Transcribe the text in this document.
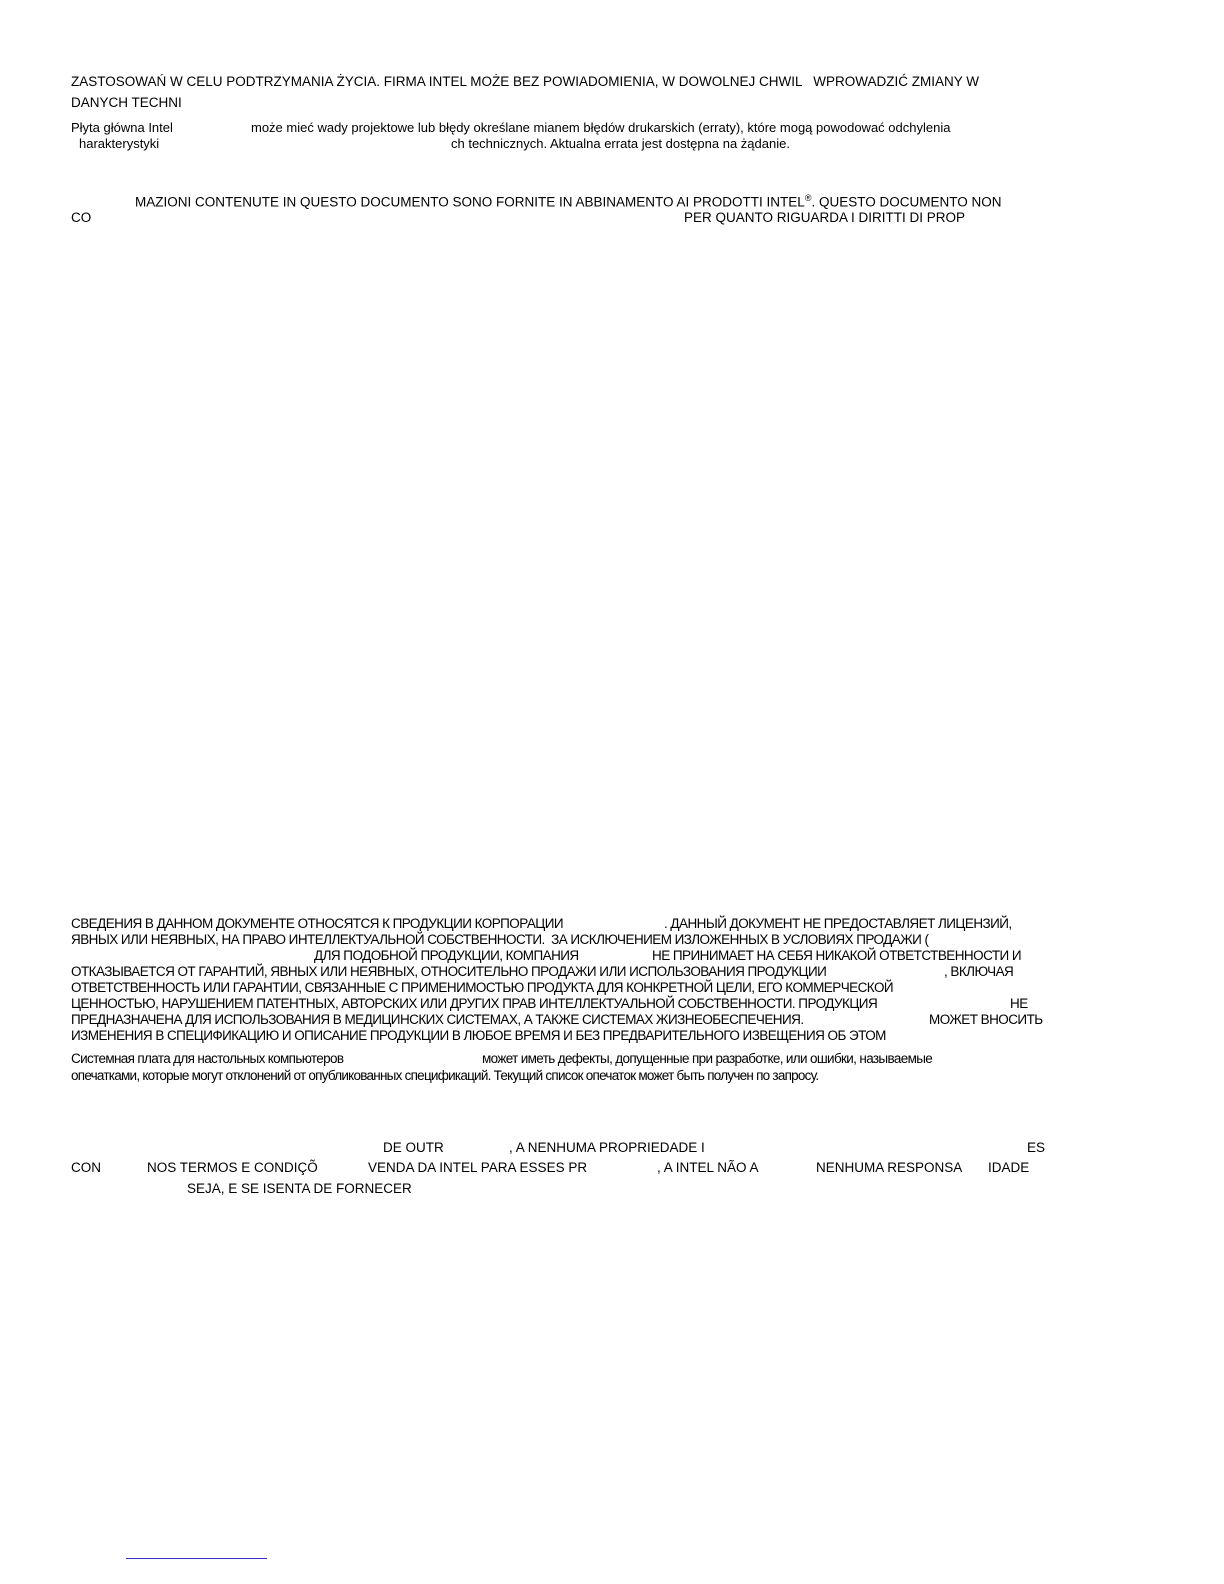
ZASTOSOWAŃ W CELU PODTRZYMANIA ŻYCIA. FIRMA INTEL MOŻE BEZ POWIADOMIENIA, W DOWOLNEJ CHWIL   WPROWADZIĆ ZMIANY W
DANYCH TECHNI
Płyta główna Intel	może mieć wady projektowe lub błędy określane mianem błędów drukarskich (erraty), które mogą powodować odchylenia
harakterystyki	ch technicznych. Aktualna errata jest dostępna na żądanie.
MAZIONI CONTENUTE IN QUESTO DOCUMENTO SONO FORNITE IN ABBINAMENTO AI PRODOTTI INTEL®. QUESTO DOCUMENTO NON
CO	PER QUANTO RIGUARDA I DIRITTI DI PROP
СВЕДЕНИЯ В ДАННОМ ДОКУМЕНТЕ ОТНОСЯТСЯ К ПРОДУКЦИИ КОРПОРАЦИИ	. ДАННЫЙ ДОКУМЕНТ НЕ ПРЕДОСТАВЛЯЕТ ЛИЦЕНЗИЙ,
ЯВНЫХ ИЛИ НЕЯВНЫХ, НА ПРАВО ИНТЕЛЛЕКТУАЛЬНОЙ СОБСТВЕННОСТИ.  ЗА ИСКЛЮЧЕНИЕМ ИЗЛОЖЕННЫХ В УСЛОВИЯХ ПРОДАЖИ (
ДЛЯ ПОДОБНОЙ ПРОДУКЦИИ, КОМПАНИЯ	НЕ ПРИНИМАЕТ НА СЕБЯ НИКАКОЙ ОТВЕТСТВЕННОСТИ И
ОТКАЗЫВАЕТСЯ ОТ ГАРАНТИЙ, ЯВНЫХ ИЛИ НЕЯВНЫХ, ОТНОСИТЕЛЬНО ПРОДАЖИ ИЛИ ИСПОЛЬЗОВАНИЯ ПРОДУКЦИИ	, ВКЛЮЧАЯ
ОТВЕТСТВЕННОСТЬ ИЛИ ГАРАНТИИ, СВЯЗАННЫЕ С ПРИМЕНИМОСТЬЮ ПРОДУКТА ДЛЯ КОНКРЕТНОЙ ЦЕЛИ, ЕГО КОММЕРЧЕСКОЙ
ЦЕННОСТЬЮ, НАРУШЕНИЕМ ПАТЕНТНЫХ, АВТОРСКИХ ИЛИ ДРУГИХ ПРАВ ИНТЕЛЛЕКТУАЛЬНОЙ СОБСТВЕННОСТИ. ПРОДУКЦИЯ	НЕ
ПРЕДНАЗНАЧЕНА ДЛЯ ИСПОЛЬЗОВАНИЯ В МЕДИЦИНСКИХ СИСТЕМАХ, А ТАКЖЕ СИСТЕМАХ ЖИЗНЕОБЕСПЕЧЕНИЯ.	МОЖЕТ ВНОСИТЬ
ИЗМЕНЕНИЯ В СПЕЦИФИКАЦИЮ И ОПИСАНИЕ ПРОДУКЦИИ В ЛЮБОЕ ВРЕМЯ И БЕЗ ПРЕДВАРИТЕЛЬНОГО ИЗВЕЩЕНИЯ ОБ ЭТОМ
Системная плата для настольных компьютеров	может иметь дефекты, допущенные при разработке, или ошибки, называемые
опечатками, которые могут отклонений от опубликованных спецификаций. Текущий список опечаток может быть получен по запросу.
DE OUTR	, A NENHUMA PROPRIEDADE I	ES
CON	NOS TERMOS E CONDIÇÕ	VENDA DA INTEL PARA ESSES PR	, A INTEL NÃO A	NENHUMA RESPONSA IDADE
SEJA, E SE ISENTA DE FORNECER
